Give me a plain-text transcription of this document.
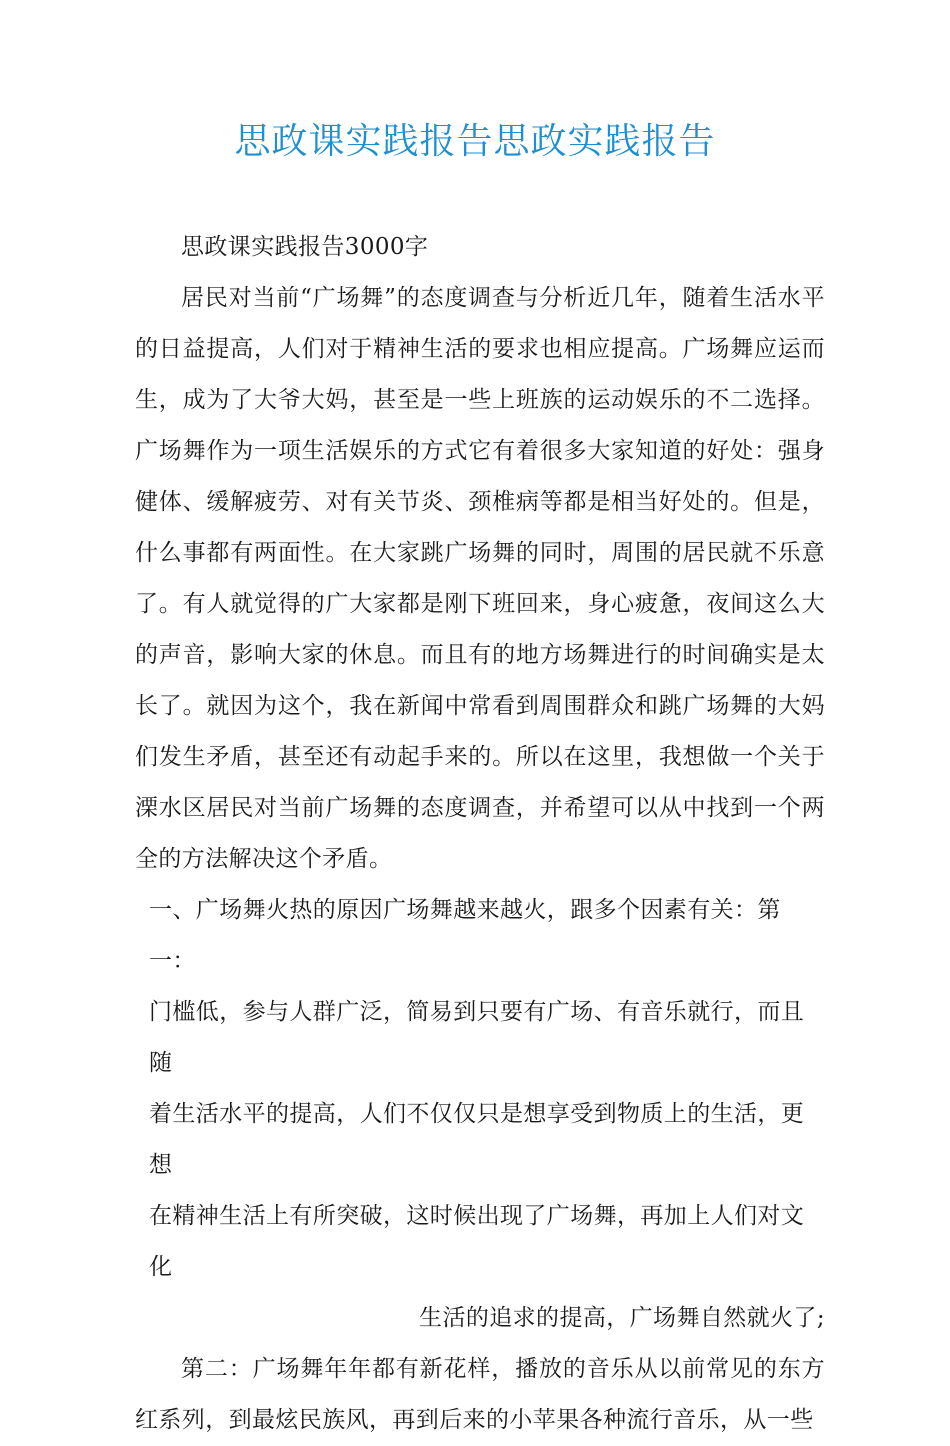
思政课实践报告思政实践报告

思政课实践报告3000字

居民对当前“广场舞”的态度调查与分析近几年，随着生活水平的日益提高，人们对于精神生活的要求也相应提高。广场舞应运而生，成为了大爷大妈，甚至是一些上班族的运动娱乐的不二选择。广场舞作为一项生活娱乐的方式它有着很多大家知道的好处：强身健体、缓解疲劳、对有关节炎、颈椎病等都是相当好处的。但是，什么事都有两面性。在大家跳广场舞的同时，周围的居民就不乐意了。有人就觉得的广大家都是刚下班回来，身心疲惫，夜间这么大的声音，影响大家的休息。而且有的地方场舞进行的时间确实是太长了。就因为这个，我在新闻中常看到周围群众和跳广场舞的大妈们发生矛盾，甚至还有动起手来的。所以在这里，我想做一个关于溧水区居民对当前广场舞的态度调查，并希望可以从中找到一个两全的方法解决这个矛盾。

一、广场舞火热的原因广场舞越来越火，跟多个因素有关：第一：
门槛低，参与人群广泛，简易到只要有广场、有音乐就行，而且随
着生活水平的提高，人们不仅仅只是想享受到物质上的生活，更想
在精神生活上有所突破，这时候出现了广场舞，再加上人们对文化
生活的追求的提高，广场舞自然就火了;

第二：广场舞年年都有新花样，播放的音乐从以前常见的东方红系列，到最炫民族风，再到后来的小苹果各种流行音乐，从一些
